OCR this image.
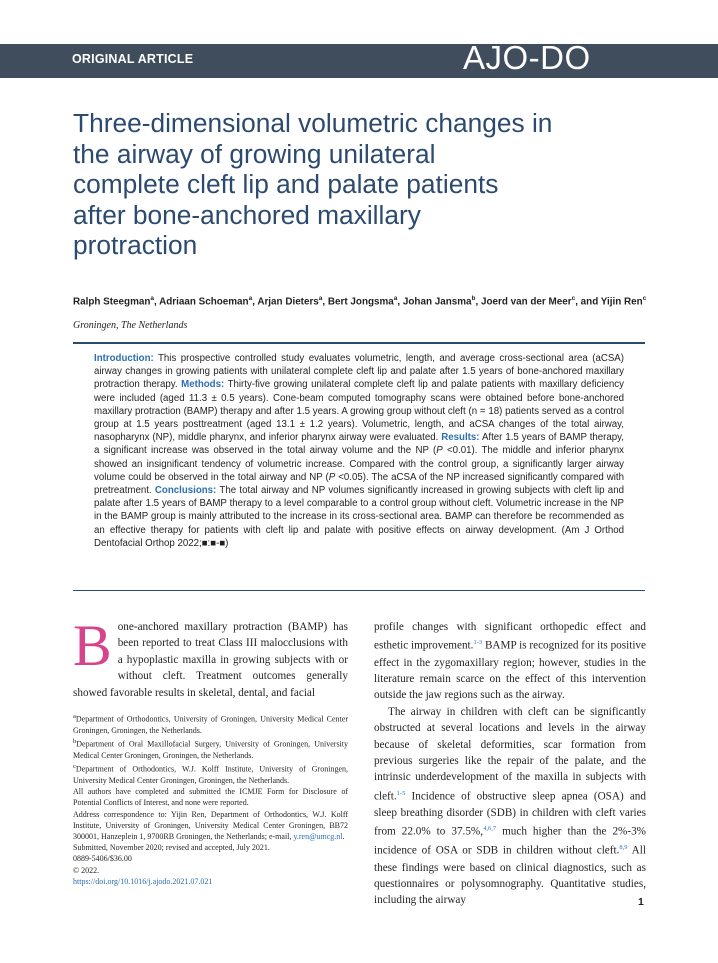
ORIGINAL ARTICLE	AJO-DO
Three-dimensional volumetric changes in
the airway of growing unilateral
complete cleft lip and palate patients
after bone-anchored maxillary
protraction
Ralph Steegman$^a$, Adriaan Schoeman$^a$, Arjan Dieters$^a$, Bert Jongsma$^a$, Johan Jansma$^b$, Joerd van der Meer$^c$, and Yijin Ren$^c$
Groningen, The Netherlands
Introduction: This prospective controlled study evaluates volumetric, length, and average cross-sectional area (aCSA) airway changes in growing patients with unilateral complete cleft lip and palate after 1.5 years of bone-anchored maxillary protraction therapy. Methods: Thirty-five growing unilateral complete cleft lip and palate patients with maxillary deficiency were included (aged 11.3 ± 0.5 years). Cone-beam computed tomography scans were obtained before bone-anchored maxillary protraction (BAMP) therapy and after 1.5 years. A growing group without cleft (n = 18) patients served as a control group at 1.5 years posttreatment (aged 13.1 ± 1.2 years). Volumetric, length, and aCSA changes of the total airway, nasopharynx (NP), middle pharynx, and inferior pharynx airway were evaluated. Results: After 1.5 years of BAMP therapy, a significant increase was observed in the total airway volume and the NP (P <0.01). The middle and inferior pharynx showed an insignificant tendency of volumetric increase. Compared with the control group, a significantly larger airway volume could be observed in the total airway and NP (P <0.05). The aCSA of the NP increased significantly compared with pretreatment. Conclusions: The total airway and NP volumes significantly increased in growing subjects with cleft lip and palate after 1.5 years of BAMP therapy to a level comparable to a control group without cleft. Volumetric increase in the NP in the BAMP group is mainly attributed to the increase in its cross-sectional area. BAMP can therefore be recommended as an effective therapy for patients with cleft lip and palate with positive effects on airway development. (Am J Orthod Dentofacial Orthop 2022;■:■-■)

Bone-anchored maxillary protraction (BAMP) has been reported to treat Class III malocclusions with a hypoplastic maxilla in growing subjects with or without cleft. Treatment outcomes generally showed favorable results in skeletal, dental, and facial

$^a$Department of Orthodontics, University of Groningen, University Medical Center Groningen, Groningen, the Netherlands.

$^b$Department of Oral Maxillofacial Surgery, University of Groningen, University Medical Center Groningen, Groningen, the Netherlands.

$^c$Department of Orthodontics, W.J. Kolff Institute, University of Groningen, University Medical Center Groningen, Groningen, the Netherlands.

All authors have completed and submitted the ICMJE Form for Disclosure of Potential Conflicts of Interest, and none were reported.

Address correspondence to: Yijin Ren, Department of Orthodontics, W.J. Kolff Institute, University of Groningen, University Medical Center Groningen, BB72 300001, Hanzeplein 1, 9700RB Groningen, the Netherlands; e-mail, y.ren@umcg.nl.

Submitted, November 2020; revised and accepted, July 2021.

0889-5406/$36.00

© 2022.

https://doi.org/10.1016/j.ajodo.2021.07.021

profile changes with significant orthopedic effect and esthetic improvement.$^{1-3}$ BAMP is recognized for its positive effect in the zygomaxillary region; however, studies in the literature remain scarce on the effect of this intervention outside the jaw regions such as the airway.

The airway in children with cleft can be significantly obstructed at several locations and levels in the airway because of skeletal deformities, scar formation from previous surgeries like the repair of the palate, and the intrinsic underdevelopment of the maxilla in subjects with cleft.$^{1-5}$ Incidence of obstructive sleep apnea (OSA) and sleep breathing disorder (SDB) in children with cleft varies from 22.0% to 37.5%,$^{4,6,7}$ much higher than the 2%-3% incidence of OSA or SDB in children without cleft.$^{8,9}$ All these findings were based on clinical diagnostics, such as questionnaires or polysomnography. Quantitative studies, including the airway	1
